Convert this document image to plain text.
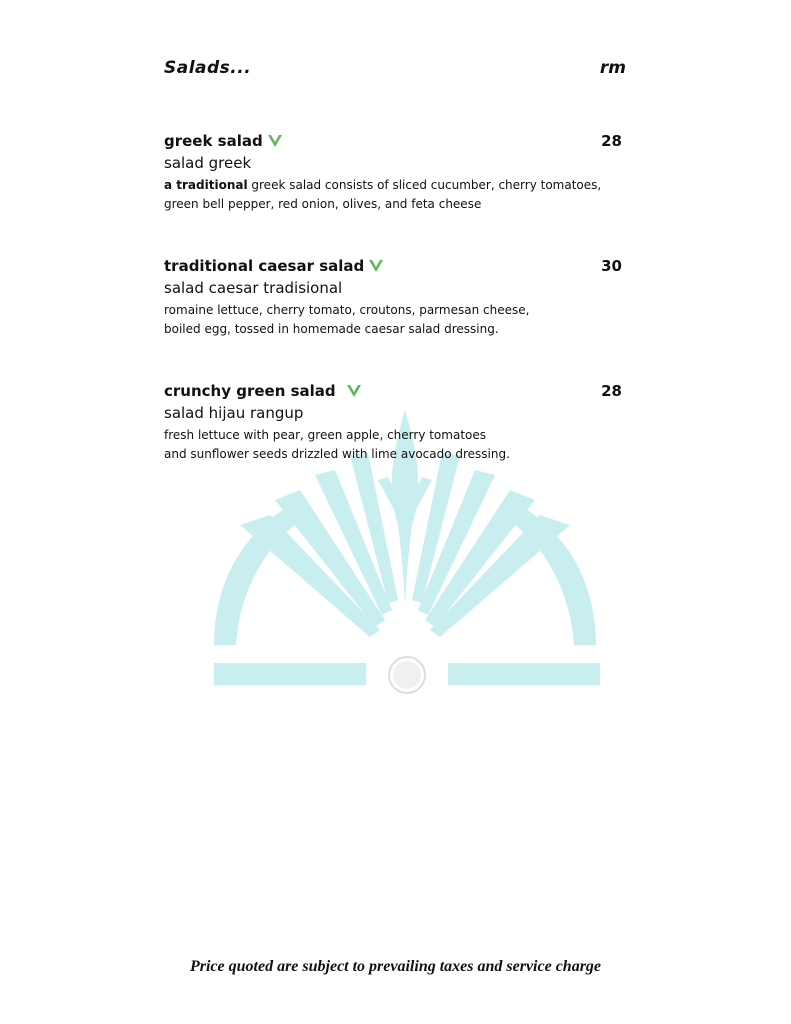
Salads...	rm
greek salad	28
salad greek
a traditional greek salad consists of sliced cucumber, cherry tomatoes,
green bell pepper, red onion, olives, and feta cheese
traditional caesar salad	30
salad caesar tradisional
romaine lettuce, cherry tomato, croutons, parmesan cheese,
boiled egg, tossed in homemade caesar salad dressing.
crunchy green salad	28
salad hijau rangup
fresh lettuce with pear, green apple, cherry tomatoes
and sunflower seeds drizzled with lime avocado dressing.
Price quoted are subject to prevailing taxes and service charge
